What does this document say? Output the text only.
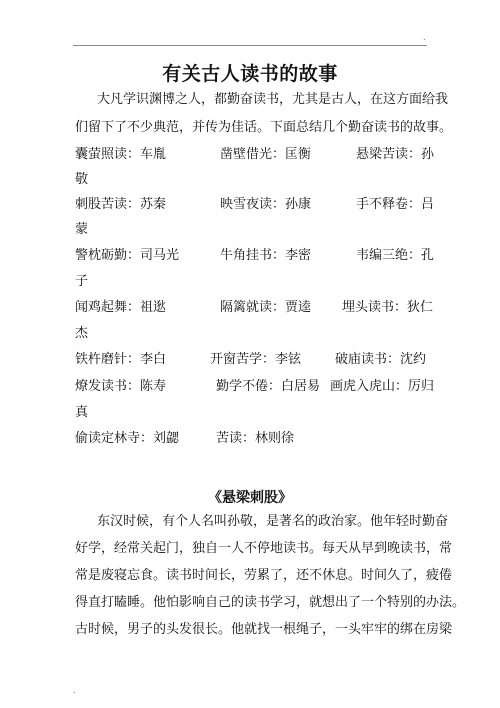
.
有关古人读书的故事
大凡学识渊博之人，都勤奋读书，尤其是古人，在这方面给我
们留下了不少典范，并传为佳话。下面总结几个勤奋读书的故事。
囊萤照读：车胤	凿壁借光：匡衡	悬梁苦读：孙
敬
刺股苦读：苏秦	映雪夜读：孙康	手不释卷：吕
蒙
警枕砺勤：司马光	牛角挂书：李密	韦编三绝：孔
子
闻鸡起舞：祖逖	隔篱就读：贾逵 埋头读书：狄仁
杰
铁杵磨针：李白	开窗苦学：李铉	破庙读书：沈约
燎发读书：陈寿	勤学不倦：白居易 画虎入虎山：厉归
真
偷读定林寺：刘勰	苦读：林则徐
《悬梁刺股》
东汉时候，有个人名叫孙敬，是著名的政治家。他年轻时勤奋
好学，经常关起门，独自一人不停地读书。每天从早到晚读书，常
常是废寝忘食。读书时间长，劳累了，还不休息。时间久了，疲倦
得直打瞌睡。他怕影响自己的读书学习，就想出了一个特别的办法。
古时候，男子的头发很长。他就找一根绳子，一头牢牢的绑在房梁
.
